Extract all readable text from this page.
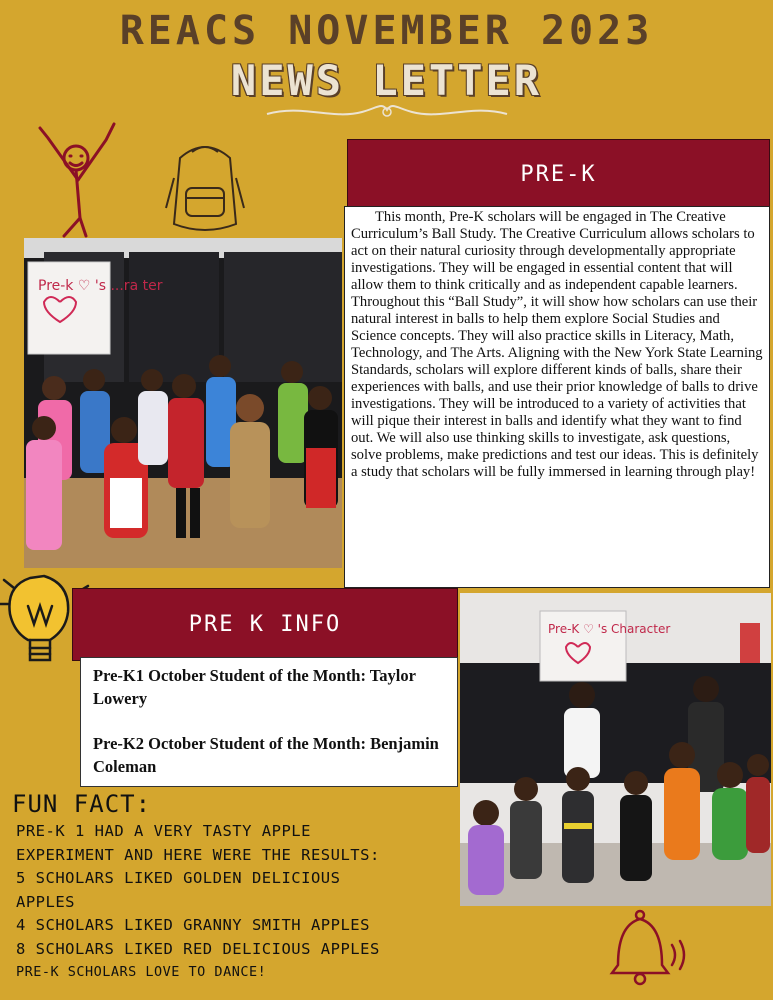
REACS NOVEMBER 2023
NEWS LETTER
PRE-K
This month, Pre-K scholars will be engaged in The Creative Curriculum’s Ball Study. The Creative Curriculum allows scholars to act on their natural curiosity through developmentally appropriate investigations. They will be engaged in essential content that will allow them to think critically and as independent capable learners. Throughout this “Ball Study”, it will show how scholars can use their natural interest in balls to help them explore Social Studies and Science concepts. They will also practice skills in Literacy, Math, Technology, and The Arts. Aligning with the New York State Learning Standards, scholars will explore different kinds of balls, share their experiences with balls, and use their prior knowledge of balls to drive investigations. They will be introduced to a variety of activities that will pique their interest in balls and identify what they want to find out. We will also use thinking skills to investigate, ask questions, solve problems, make predictions and test our ideas. This is definitely a study that scholars will be fully immersed in learning through play!
Pre-k ♡ 's ...ra ter
Pre-K ♡ 's Character
PRE K INFO

Pre-K1 October Student of the Month: Taylor Lowery

Pre-K2 October Student of the Month: Benjamin Coleman

FUN FACT:
PRE-K 1 HAD A VERY TASTY APPLE
EXPERIMENT AND HERE WERE THE RESULTS:
5 SCHOLARS LIKED GOLDEN DELICIOUS
APPLES
4 SCHOLARS LIKED GRANNY SMITH APPLES
8 SCHOLARS LIKED RED DELICIOUS APPLES
PRE-K SCHOLARS LOVE TO DANCE!
